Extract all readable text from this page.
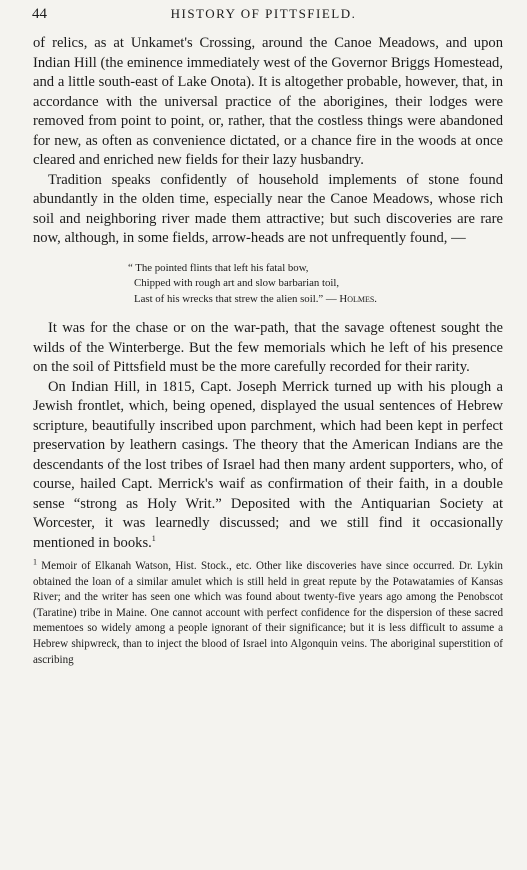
44	HISTORY OF PITTSFIELD.

of relics, as at Unkamet's Crossing, around the Canoe Meadows, and upon Indian Hill (the eminence immediately west of the Governor Briggs Homestead, and a little south-east of Lake Onota). It is altogether probable, however, that, in accordance with the universal practice of the aborigines, their lodges were removed from point to point, or, rather, that the costless things were abandoned for new, as often as convenience dictated, or a chance fire in the woods at once cleared and enriched new fields for their lazy husbandry.

Tradition speaks confidently of household implements of stone found abundantly in the olden time, especially near the Canoe Meadows, whose rich soil and neighboring river made them attractive; but such discoveries are rare now, although, in some fields, arrow-heads are not unfrequently found, —

“ The pointed flints that left his fatal bow,
Chipped with rough art and slow barbarian toil,
Last of his wrecks that strew the alien soil.” — Holmes.

It was for the chase or on the war-path, that the savage oftenest sought the wilds of the Winterberge. But the few memorials which he left of his presence on the soil of Pittsfield must be the more carefully recorded for their rarity.

On Indian Hill, in 1815, Capt. Joseph Merrick turned up with his plough a Jewish frontlet, which, being opened, displayed the usual sentences of Hebrew scripture, beautifully inscribed upon parchment, which had been kept in perfect preservation by leathern casings. The theory that the American Indians are the descendants of the lost tribes of Israel had then many ardent supporters, who, of course, hailed Capt. Merrick's waif as confirmation of their faith, in a double sense “strong as Holy Writ.” Deposited with the Antiquarian Society at Worcester, it was learnedly discussed; and we still find it occasionally mentioned in books.$^1$

$^1$ Memoir of Elkanah Watson, Hist. Stock., etc. Other like discoveries have since occurred. Dr. Lykin obtained the loan of a similar amulet which is still held in great repute by the Potawatamies of Kansas River; and the writer has seen one which was found about twenty-five years ago among the Penobscot (Taratine) tribe in Maine. One cannot account with perfect confidence for the dispersion of these sacred mementoes so widely among a people ignorant of their significance; but it is less difficult to assume a Hebrew shipwreck, than to inject the blood of Israel into Algonquin veins. The aboriginal superstition of ascribing
